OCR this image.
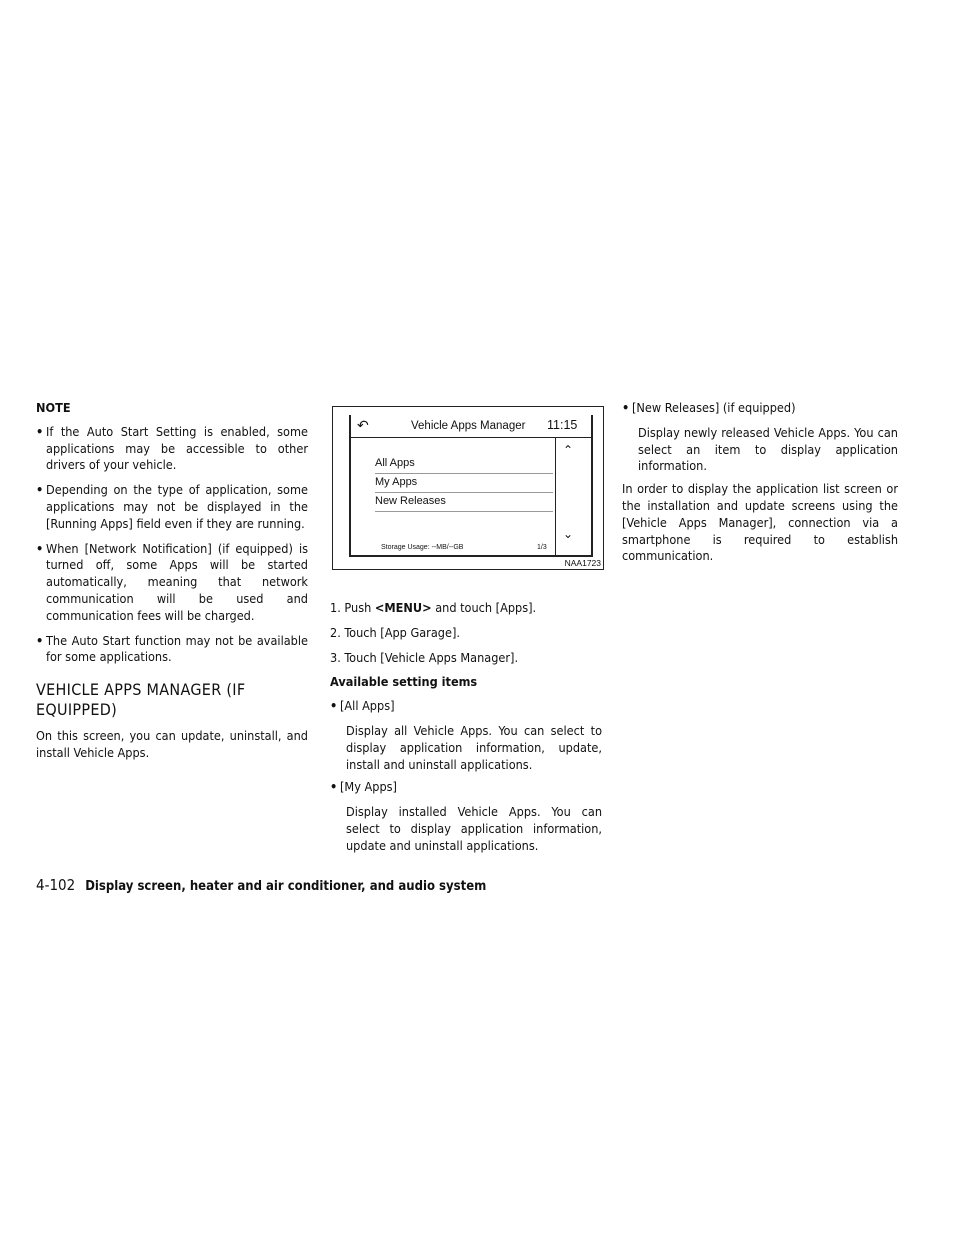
NOTE

• If the Auto Start Setting is enabled, some applications may be accessible to other drivers of your vehicle.
• Depending on the type of application, some applications may not be displayed in the [Running Apps] field even if they are running.
• When [Network Notification] (if equipped) is turned off, some Apps will be started automatically, meaning that network communication will be used and communication fees will be charged.
• The Auto Start function may not be available for some applications.
VEHICLE APPS MANAGER (IF
EQUIPPED)

On this screen, you can update, uninstall, and install Vehicle Apps.

↶	Vehicle Apps Manager 11:15
All Apps
My Apps
New Releases
⌃
⌄
Storage Usage: --MB/--GB	1/3
NAA1723

1. Push <MENU> and touch [Apps].

2. Touch [App Garage].

3. Touch [Vehicle Apps Manager].

Available setting items

• [All Apps]

Display all Vehicle Apps. You can select to display application information, update, install and uninstall applications.

• [My Apps]

Display installed Vehicle Apps. You can select to display application information, update and uninstall applications.

• [New Releases] (if equipped)

Display newly released Vehicle Apps. You can select an item to display application information.

In order to display the application list screen or the installation and update screens using the [Vehicle Apps Manager], connection via a smartphone is required to establish communication.

4-102 Display screen, heater and air conditioner, and audio system
